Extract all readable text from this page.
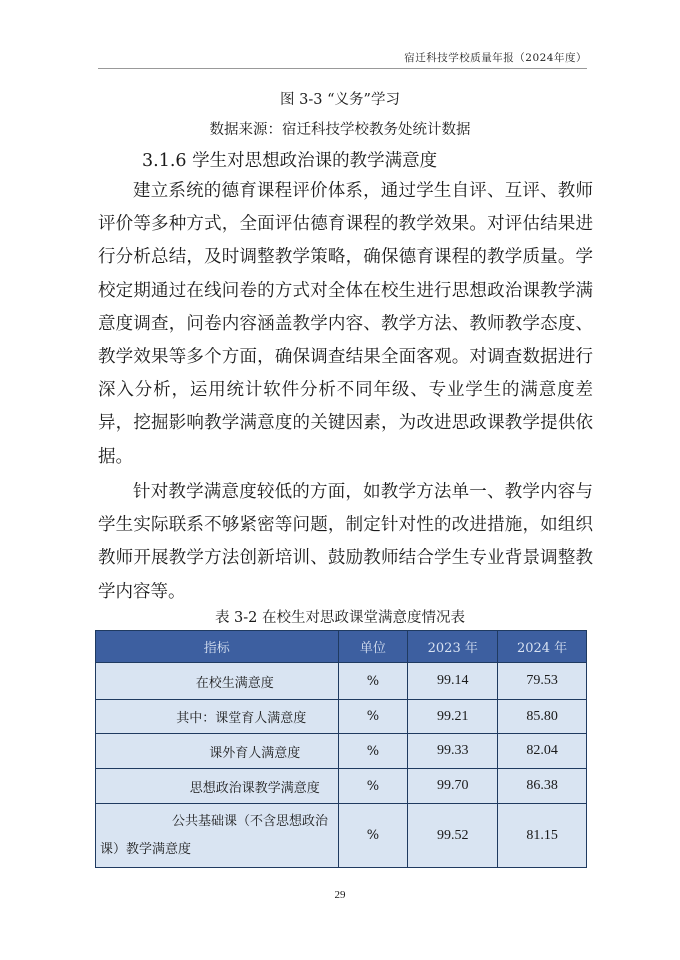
宿迁科技学校质量年报（2024年度）
图 3-3 “义务”学习
数据来源：宿迁科技学校教务处统计数据
3.1.6 学生对思想政治课的教学满意度

建立系统的德育课程评价体系，通过学生自评、互评、教师评价等多种方式，全面评估德育课程的教学效果。对评估结果进行分析总结，及时调整教学策略，确保德育课程的教学质量。学校定期通过在线问卷的方式对全体在校生进行思想政治课教学满意度调查，问卷内容涵盖教学内容、教学方法、教师教学态度、教学效果等多个方面，确保调查结果全面客观。对调查数据进行深入分析，运用统计软件分析不同年级、专业学生的满意度差异，挖掘影响教学满意度的关键因素，为改进思政课教学提供依据。

针对教学满意度较低的方面，如教学方法单一、教学内容与学生实际联系不够紧密等问题，制定针对性的改进措施，如组织教师开展教学方法创新培训、鼓励教师结合学生专业背景调整教学内容等。

表 3-2 在校生对思政课堂满意度情况表
指标	单位	2023 年	2024 年
在校生满意度	%	99.14	79.53
其中：课堂育人满意度	%	99.21	85.80
课外育人满意度	%	99.33	82.04
思想政治课教学满意度	%	99.70	86.38

公共基础课（不含思想政治
课）教学满意度	%	99.52	81.15
29
